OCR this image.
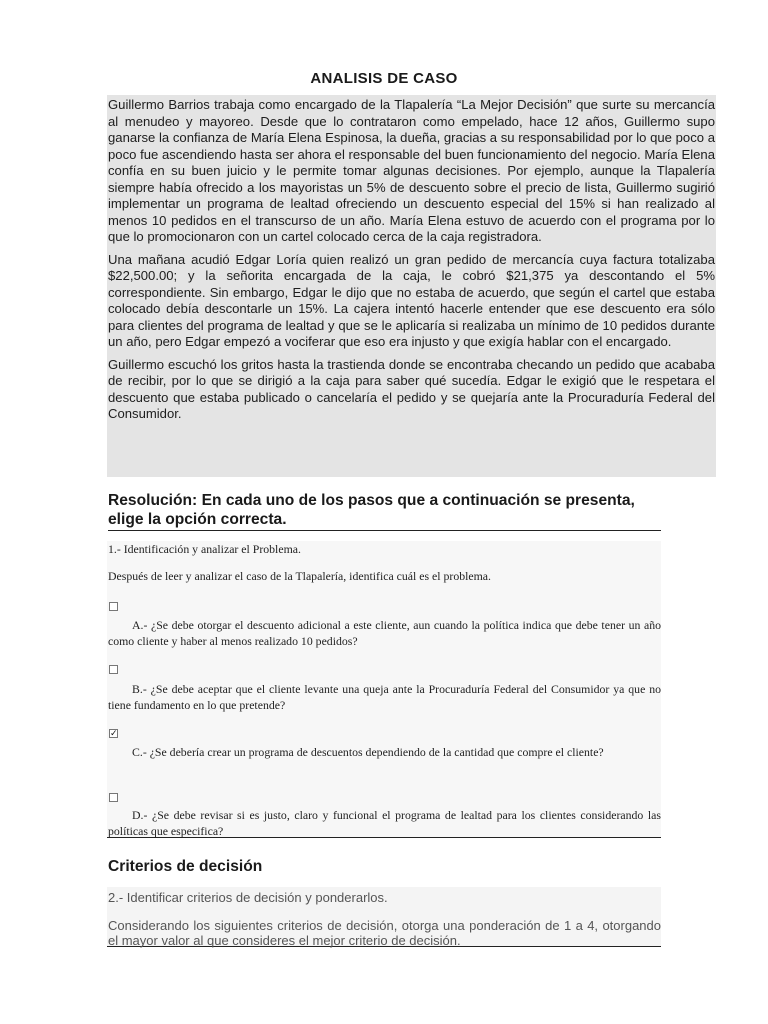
ANALISIS DE CASO

Guillermo Barrios trabaja como encargado de la Tlapalería “La Mejor Decisión” que surte su mercancía al menudeo y mayoreo. Desde que lo contrataron como empelado, hace 12 años, Guillermo supo ganarse la confianza de María Elena Espinosa, la dueña, gracias a su responsabilidad por lo que poco a poco fue ascendiendo hasta ser ahora el responsable del buen funcionamiento del negocio. María Elena confía en su buen juicio y le permite tomar algunas decisiones. Por ejemplo, aunque la Tlapalería siempre había ofrecido a los mayoristas un 5% de descuento sobre el precio de lista, Guillermo sugirió implementar un programa de lealtad ofreciendo un descuento especial del 15% si han realizado al menos 10 pedidos en el transcurso de un año. María Elena estuvo de acuerdo con el programa por lo que lo promocionaron con un cartel colocado cerca de la caja registradora.

Una mañana acudió Edgar Loría quien realizó un gran pedido de mercancía cuya factura totalizaba $22,500.00; y la señorita encargada de la caja, le cobró $21,375 ya descontando el 5% correspondiente. Sin embargo, Edgar le dijo que no estaba de acuerdo, que según el cartel que estaba colocado debía descontarle un 15%. La cajera intentó hacerle entender que ese descuento era sólo para clientes del programa de lealtad y que se le aplicaría si realizaba un mínimo de 10 pedidos durante un año, pero Edgar empezó a vociferar que eso era injusto y que exigía hablar con el encargado.

Guillermo escuchó los gritos hasta la trastienda donde se encontraba checando un pedido que acababa de recibir, por lo que se dirigió a la caja para saber qué sucedía. Edgar le exigió que le respetara el descuento que estaba publicado o cancelaría el pedido y se quejaría ante la Procuraduría Federal del Consumidor.

Resolución: En cada uno de los pasos que a continuación se presenta, elige la opción correcta.
1.- Identificación y analizar el Problema.
Después de leer y analizar el caso de la Tlapalería, identifica cuál es el problema.
A.- ¿Se debe otorgar el descuento adicional a este cliente, aun cuando la política indica que debe tener un año como cliente y haber al menos realizado 10 pedidos?
B.- ¿Se debe aceptar que el cliente levante una queja ante la Procuraduría Federal del Consumidor ya que no tiene fundamento en lo que pretende?
✓
C.- ¿Se debería crear un programa de descuentos dependiendo de la cantidad que compre el cliente?
D.- ¿Se debe revisar si es justo, claro y funcional el programa de lealtad para los clientes considerando las políticas que especifica?
Criterios de decisión
2.- Identificar criterios de decisión y ponderarlos.
Considerando los siguientes criterios de decisión, otorga una ponderación de 1 a 4, otorgando el mayor valor al que consideres el mejor criterio de decisión.
